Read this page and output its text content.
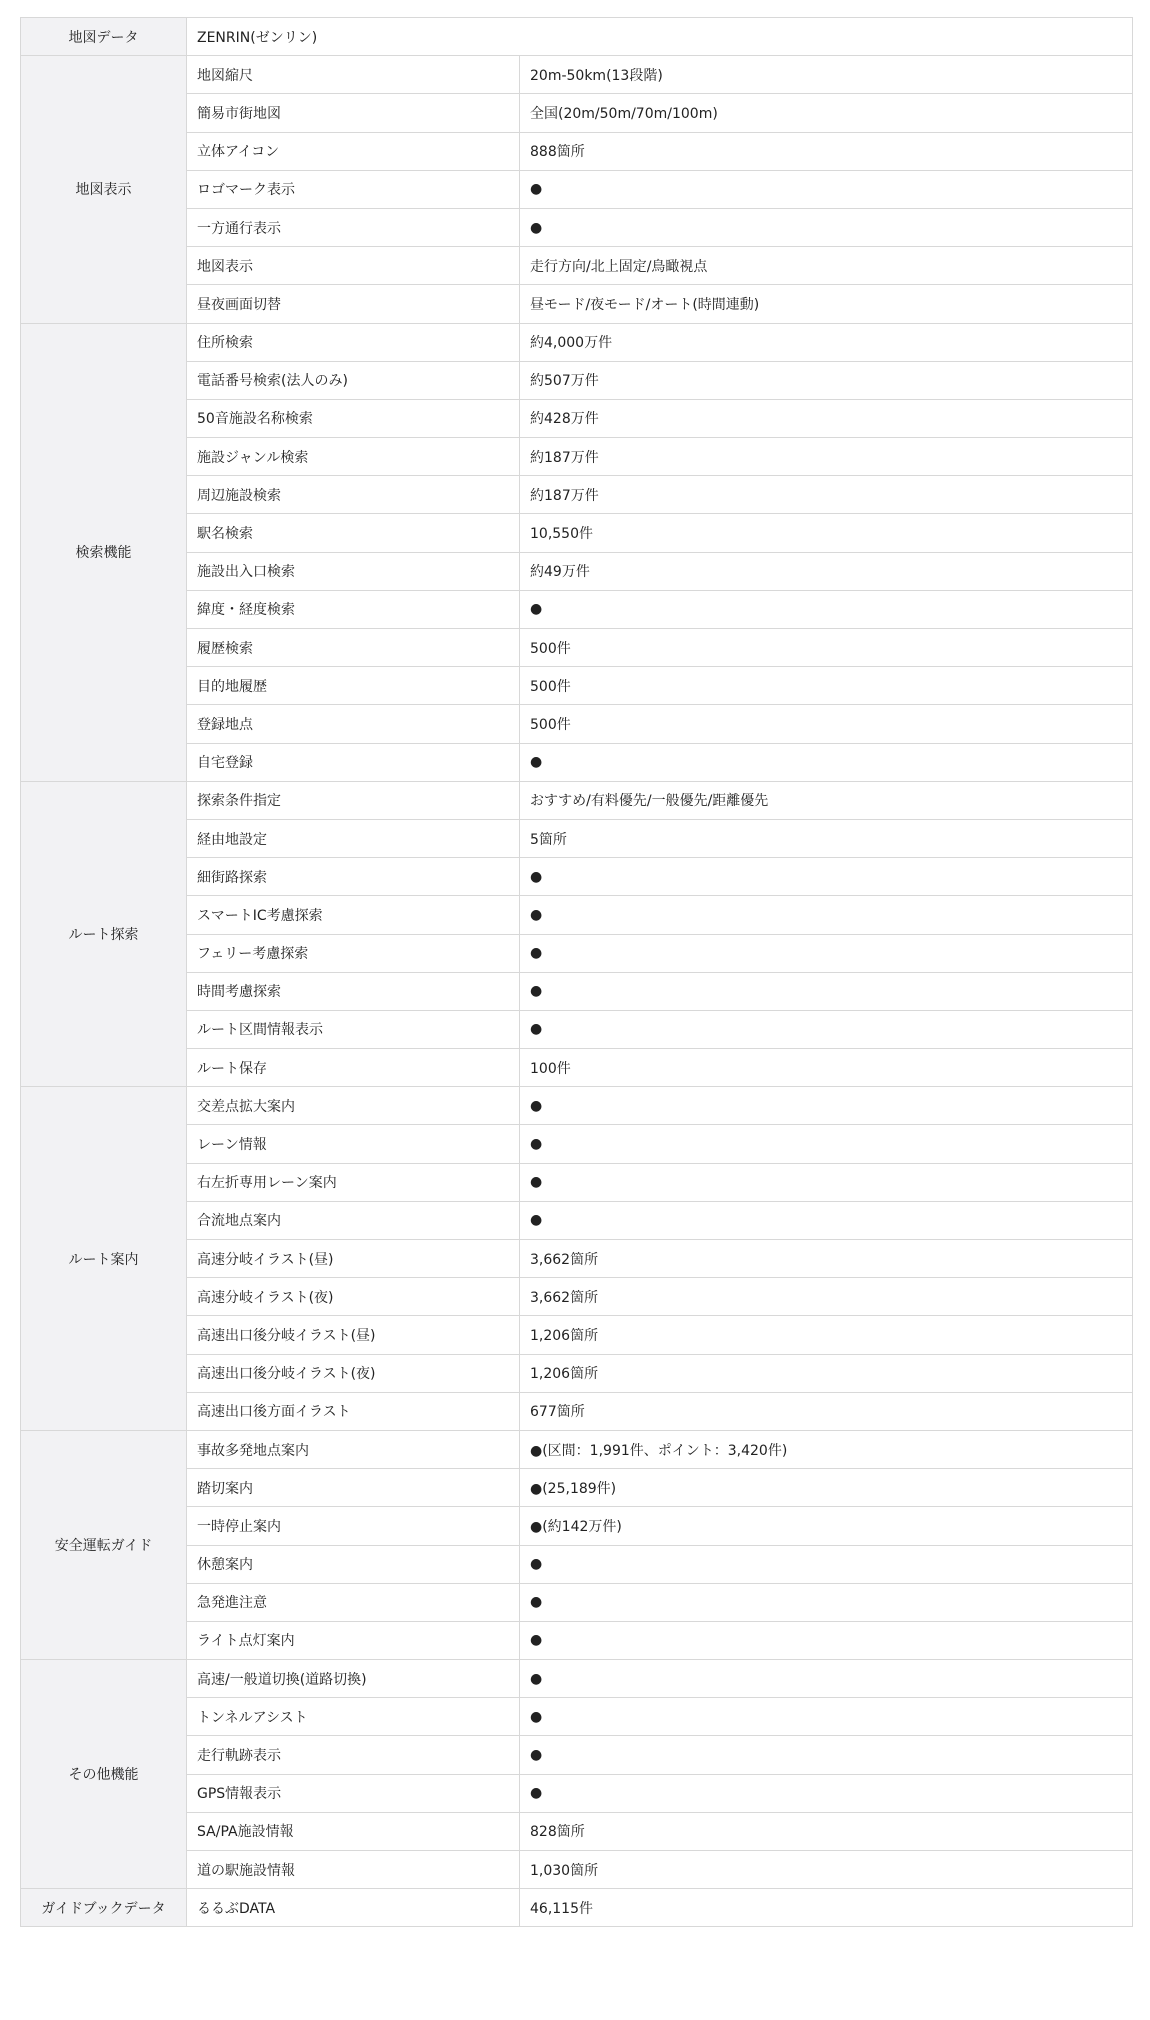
地図データ	ZENRIN(ゼンリン)	
地図表示	地図縮尺	20m-50km(13段階)
	簡易市街地図	全国(20m/50m/70m/100m)
	立体アイコン	888箇所
	ロゴマーク表示	●
	一方通行表示	●
	地図表示	走行方向/北上固定/鳥瞰視点
	昼夜画面切替	昼モード/夜モード/オート(時間連動)
検索機能	住所検索	約4,000万件
	電話番号検索(法人のみ)	約507万件
	50音施設名称検索	約428万件
	施設ジャンル検索	約187万件
	周辺施設検索	約187万件
	駅名検索	10,550件
	施設出入口検索	約49万件
	緯度・経度検索	●
	履歴検索	500件
	目的地履歴	500件
	登録地点	500件
	自宅登録	●
ルート探索	探索条件指定	おすすめ/有料優先/一般優先/距離優先
	経由地設定	5箇所
	細街路探索	●
	スマートIC考慮探索	●
	フェリー考慮探索	●
	時間考慮探索	●
	ルート区間情報表示	●
	ルート保存	100件
ルート案内	交差点拡大案内	●
	レーン情報	●
	右左折専用レーン案内	●
	合流地点案内	●
	高速分岐イラスト(昼)	3,662箇所
	高速分岐イラスト(夜)	3,662箇所
	高速出口後分岐イラスト(昼)	1,206箇所
	高速出口後分岐イラスト(夜)	1,206箇所
	高速出口後方面イラスト	677箇所
安全運転ガイド	事故多発地点案内	●(区間：1,991件、ポイント：3,420件)
	踏切案内	●(25,189件)
	一時停止案内	●(約142万件)
	休憩案内	●
	急発進注意	●
	ライト点灯案内	●
その他機能	高速/一般道切換(道路切換)	●
	トンネルアシスト	●
	走行軌跡表示	●
	GPS情報表示	●
	SA/PA施設情報	828箇所
	道の駅施設情報	1,030箇所
ガイドブックデータ	るるぶDATA	46,115件
